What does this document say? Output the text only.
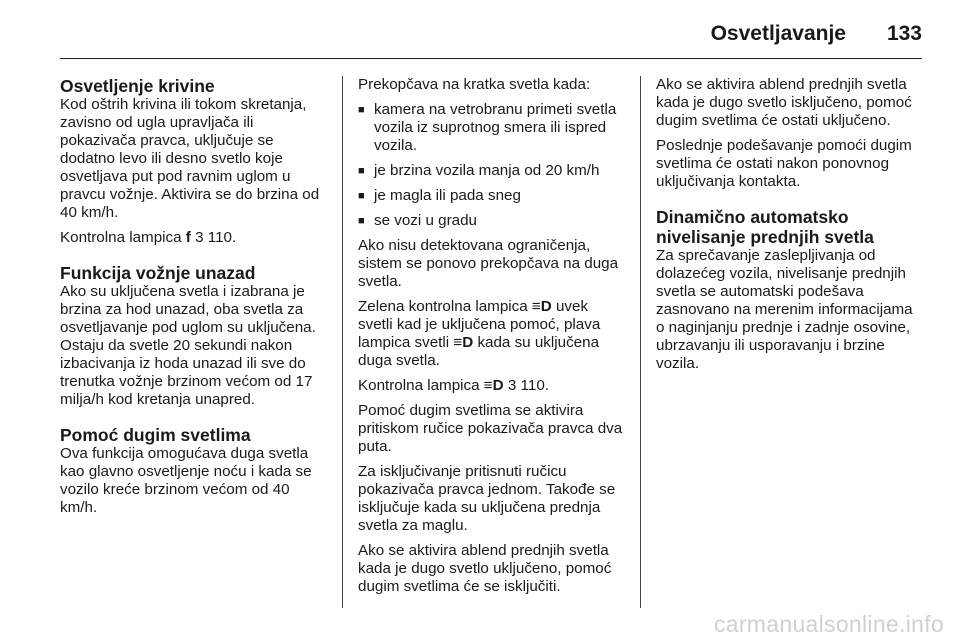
Osvetljavanje 133
Osvetljenje krivine

Kod oštrih krivina ili tokom skretanja, zavisno od ugla upravljača ili pokazivača pravca, uključuje se dodatno levo ili desno svetlo koje osvetljava put pod ravnim uglom u pravcu vožnje. Aktivira se do brzina od 40 km/h.

Kontrolna lampica f 3 110.

Funkcija vožnje unazad

Ako su uključena svetla i izabrana je brzina za hod unazad, oba svetla za osvetljavanje pod uglom su uključena. Ostaju da svetle 20 sekundi nakon izbacivanja iz hoda unazad ili sve do trenutka vožnje brzinom većom od 17 milja/h kod kretanja unapred.

Pomoć dugim svetlima

Ova funkcija omogućava duga svetla kao glavno osvetljenje noću i kada se vozilo kreće brzinom većom od 40 km/h.

Prekopčava na kratka svetla kada:

■ kamera na vetrobranu primeti svetla vozila iz suprotnog smera ili ispred vozila.
■ je brzina vozila manja od 20 km/h
■ je magla ili pada sneg
■ se vozi u gradu

Ako nisu detektovana ograničenja, sistem se ponovo prekopčava na duga svetla.

Zelena kontrolna lampica ≡D uvek svetli kad je uključena pomoć, plava lampica svetli ≡D kada su uključena duga svetla.

Kontrolna lampica ≡D 3 110.

Pomoć dugim svetlima se aktivira pritiskom ručice pokazivača pravca dva puta.

Za isključivanje pritisnuti ručicu pokazivača pravca jednom. Takođe se isključuje kada su uključena prednja svetla za maglu.

Ako se aktivira ablend prednjih svetla kada je dugo svetlo uključeno, pomoć dugim svetlima će se isključiti.

Ako se aktivira ablend prednjih svetla kada je dugo svetlo isključeno, pomoć dugim svetlima će ostati uključeno.

Poslednje podešavanje pomoći dugim svetlima će ostati nakon ponovnog uključivanja kontakta.

Dinamično automatsko nivelisanje prednjih svetla

Za sprečavanje zaslepljivanja od dolazećeg vozila, nivelisanje prednjih svetla se automatski podešava zasnovano na merenim informacijama o naginjanju prednje i zadnje osovine, ubrzavanju ili usporavanju i brzine vozila.

carmanualsonline.info
